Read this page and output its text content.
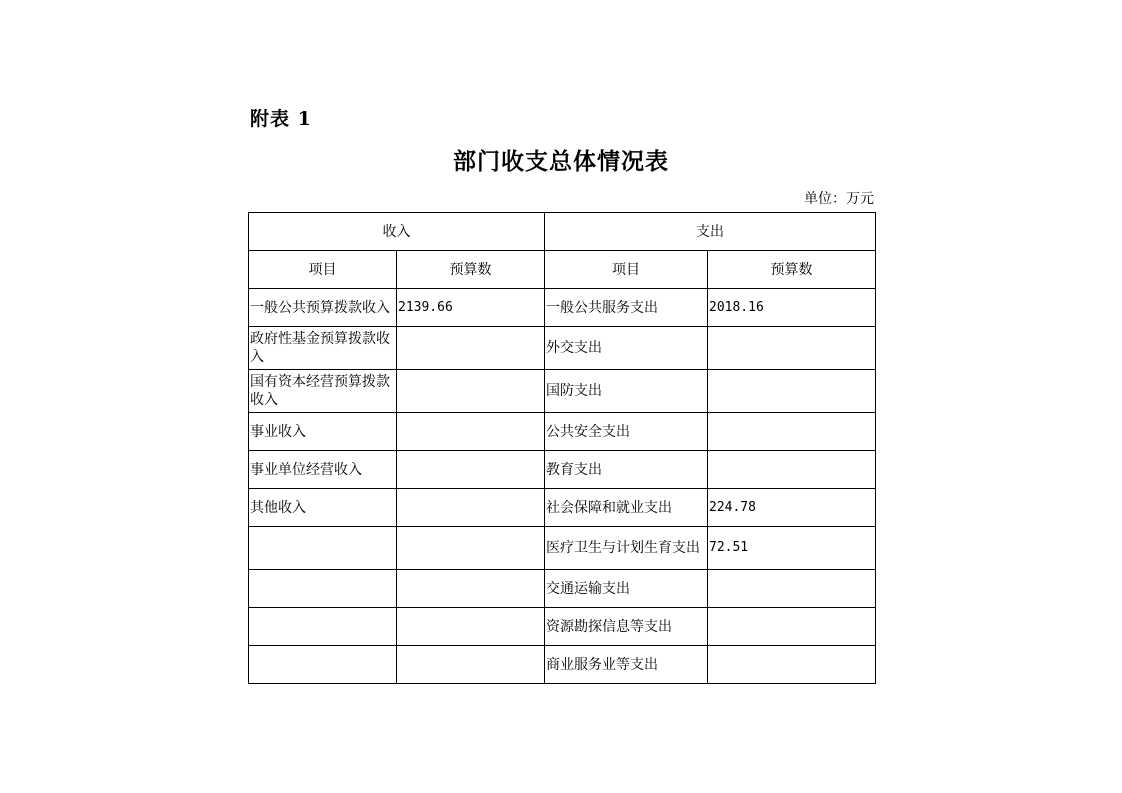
附表 1
部门收支总体情况表
单位：万元
收入		支出	
项目	预算数	项目	预算数
一般公共预算拨款收入	2139.66	一般公共服务支出	2018.16
政府性基金预算拨款收入		外交支出	
国有资本经营预算拨款收入		国防支出	
事业收入		公共安全支出	
事业单位经营收入		教育支出	
其他收入		社会保障和就业支出	224.78
		医疗卫生与计划生育支出	72.51
		交通运输支出	
		资源勘探信息等支出	
		商业服务业等支出	
